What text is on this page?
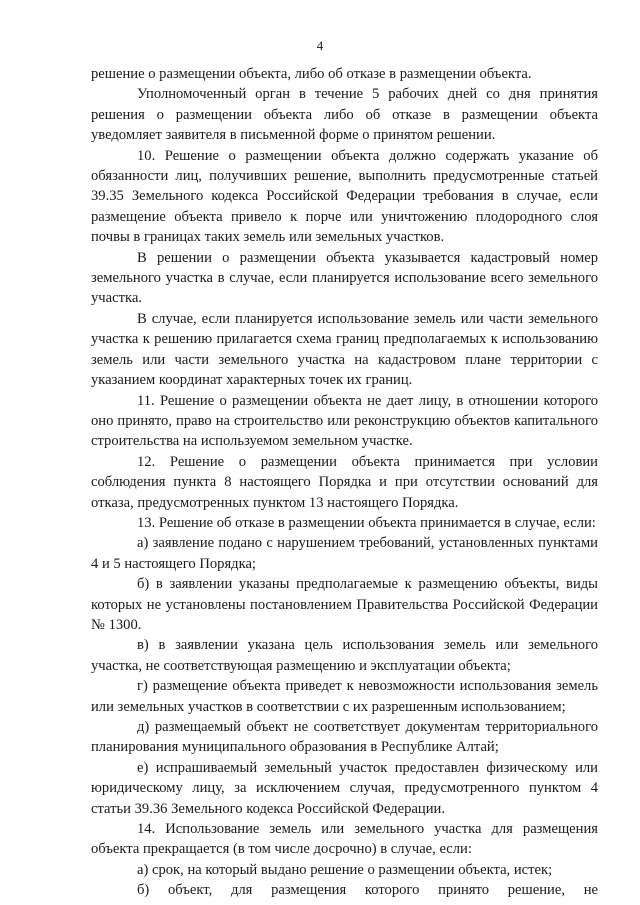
4

решение о размещении объекта, либо об отказе в размещении объекта.

Уполномоченный орган в течение 5 рабочих дней со дня принятия решения о размещении объекта либо об отказе в размещении объекта уведомляет заявителя в письменной форме о принятом решении.

10. Решение о размещении объекта должно содержать указание об обязанности лиц, получивших решение, выполнить предусмотренные статьей 39.35 Земельного кодекса Российской Федерации требования в случае, если размещение объекта привело к порче или уничтожению плодородного слоя почвы в границах таких земель или земельных участков.

В решении о размещении объекта указывается кадастровый номер земельного участка в случае, если планируется использование всего земельного участка.

В случае, если планируется использование земель или части земельного участка к решению прилагается схема границ предполагаемых к использованию земель или части земельного участка на кадастровом плане территории с указанием координат характерных точек их границ.

11. Решение о размещении объекта не дает лицу, в отношении которого оно принято, право на строительство или реконструкцию объектов капитального строительства на используемом земельном участке.

12. Решение о размещении объекта принимается при условии соблюдения пункта 8 настоящего Порядка и при отсутствии оснований для отказа, предусмотренных пунктом 13 настоящего Порядка.

13. Решение об отказе в размещении объекта принимается в случае, если:

а) заявление подано с нарушением требований, установленных пунктами 4 и 5 настоящего Порядка;

б) в заявлении указаны предполагаемые к размещению объекты, виды которых не установлены постановлением Правительства Российской Федерации № 1300.

в) в заявлении указана цель использования земель или земельного участка, не соответствующая размещению и эксплуатации объекта;

г) размещение объекта приведет к невозможности использования земель или земельных участков в соответствии с их разрешенным использованием;

д) размещаемый объект не соответствует документам территориального планирования муниципального образования в Республике Алтай;

е) испрашиваемый земельный участок предоставлен физическому или юридическому лицу, за исключением случая, предусмотренного пунктом 4 статьи 39.36 Земельного кодекса Российской Федерации.

14. Использование земель или земельного участка для размещения объекта прекращается (в том числе досрочно) в случае, если:

а) срок, на который выдано решение о размещении объекта, истек;

б) объект, для размещения которого принято решение, не
